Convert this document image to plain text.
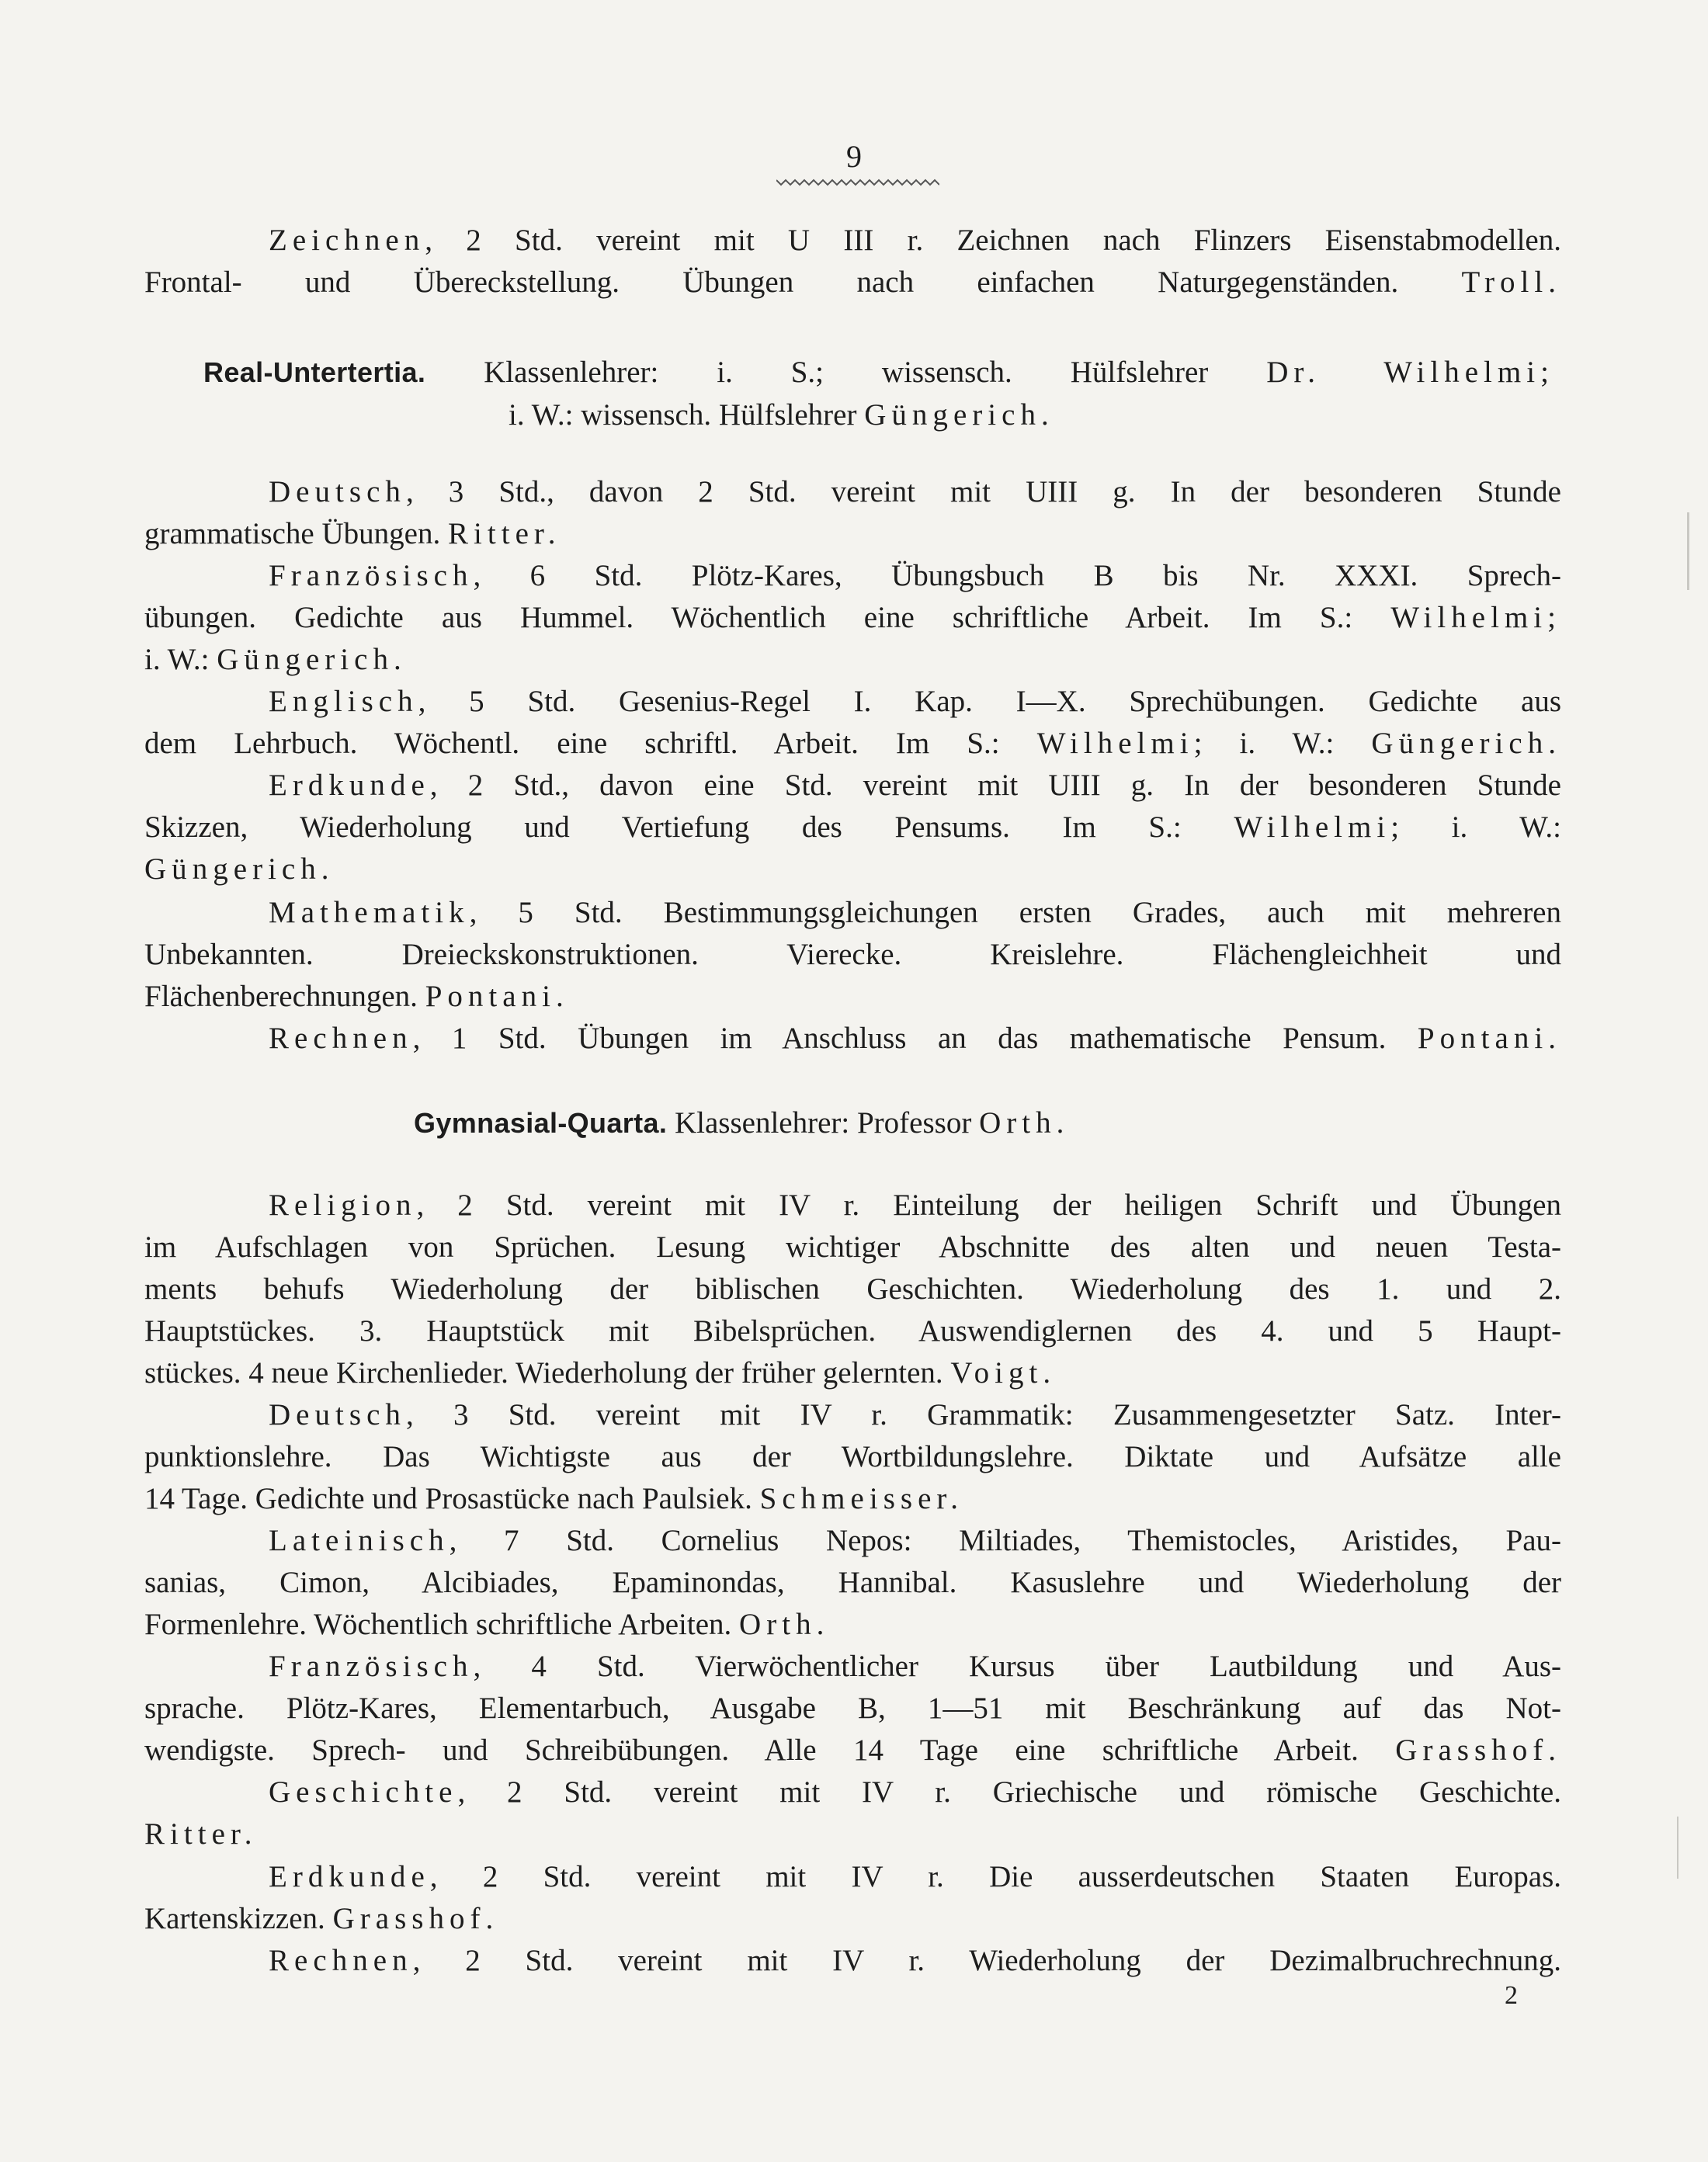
9
Zeichnen, 2 Std. vereint mit U III r. Zeichnen nach Flinzers Eisenstabmodellen.
Frontal- und Übereckstellung. Übungen nach einfachen Naturgegenständen. Troll.
Real-Untertertia. Klassenlehrer: i. S.; wissensch. Hülfslehrer Dr. Wilhelmi;
i. W.: wissensch. Hülfslehrer Güngerich.
Deutsch, 3 Std., davon 2 Std. vereint mit UIII g. In der besonderen Stunde
grammatische Übungen. Ritter.
Französisch, 6 Std. Plötz-Kares, Übungsbuch B bis Nr. XXXI. Sprech-
übungen. Gedichte aus Hummel. Wöchentlich eine schriftliche Arbeit. Im S.: Wilhelmi;
i. W.: Güngerich.
Englisch, 5 Std. Gesenius-Regel I. Kap. I—X. Sprechübungen. Gedichte aus
dem Lehrbuch. Wöchentl. eine schriftl. Arbeit. Im S.: Wilhelmi; i. W.: Güngerich.
Erdkunde, 2 Std., davon eine Std. vereint mit UIII g. In der besonderen Stunde
Skizzen, Wiederholung und Vertiefung des Pensums. Im S.: Wilhelmi; i. W.:
Güngerich.
Mathematik, 5 Std. Bestimmungsgleichungen ersten Grades, auch mit mehreren
Unbekannten. Dreieckskonstruktionen. Vierecke. Kreislehre. Flächengleichheit und
Flächenberechnungen. Pontani.
Rechnen, 1 Std. Übungen im Anschluss an das mathematische Pensum. Pontani.
Gymnasial-Quarta. Klassenlehrer: Professor Orth.
Religion, 2 Std. vereint mit IV r. Einteilung der heiligen Schrift und Übungen
im Aufschlagen von Sprüchen. Lesung wichtiger Abschnitte des alten und neuen Testa-
ments behufs Wiederholung der biblischen Geschichten. Wiederholung des 1. und 2.
Hauptstückes. 3. Hauptstück mit Bibelsprüchen. Auswendiglernen des 4. und 5 Haupt-
stückes. 4 neue Kirchenlieder. Wiederholung der früher gelernten. Voigt.
Deutsch, 3 Std. vereint mit IV r. Grammatik: Zusammengesetzter Satz. Inter-
punktionslehre. Das Wichtigste aus der Wortbildungslehre. Diktate und Aufsätze alle
14 Tage. Gedichte und Prosastücke nach Paulsiek. Schmeisser.
Lateinisch, 7 Std. Cornelius Nepos: Miltiades, Themistocles, Aristides, Pau-
sanias, Cimon, Alcibiades, Epaminondas, Hannibal. Kasuslehre und Wiederholung der
Formenlehre. Wöchentlich schriftliche Arbeiten. Orth.
Französisch, 4 Std. Vierwöchentlicher Kursus über Lautbildung und Aus-
sprache. Plötz-Kares, Elementarbuch, Ausgabe B, 1—51 mit Beschränkung auf das Not-
wendigste. Sprech- und Schreibübungen. Alle 14 Tage eine schriftliche Arbeit. Grasshof.
Geschichte, 2 Std. vereint mit IV r. Griechische und römische Geschichte.
Ritter.
Erdkunde, 2 Std. vereint mit IV r. Die ausserdeutschen Staaten Europas.
Kartenskizzen. Grasshof.
Rechnen, 2 Std. vereint mit IV r. Wiederholung der Dezimalbruchrechnung.
2
